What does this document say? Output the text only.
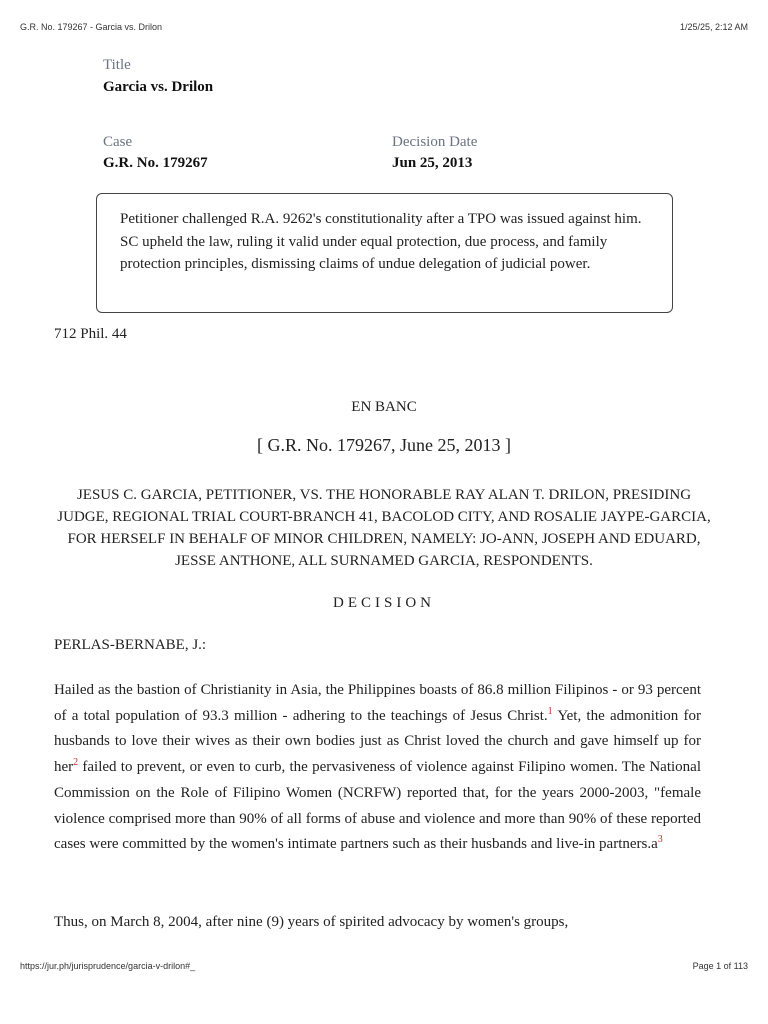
G.R. No. 179267 - Garcia vs. Drilon	1/25/25, 2:12 AM
Title
Garcia vs. Drilon
Case
G.R. No. 179267
Decision Date
Jun 25, 2013
Petitioner challenged R.A. 9262's constitutionality after a TPO was issued against him. SC upheld the law, ruling it valid under equal protection, due process, and family protection principles, dismissing claims of undue delegation of judicial power.
712 Phil. 44
EN BANC
[ G.R. No. 179267, June 25, 2013 ]
JESUS C. GARCIA, PETITIONER, VS. THE HONORABLE RAY ALAN T. DRILON, PRESIDING JUDGE, REGIONAL TRIAL COURT-BRANCH 41, BACOLOD CITY, AND ROSALIE JAYPE-GARCIA, FOR HERSELF IN BEHALF OF MINOR CHILDREN, NAMELY: JO-ANN, JOSEPH AND EDUARD, JESSE ANTHONE, ALL SURNAMED GARCIA, RESPONDENTS.
DECISION
PERLAS-BERNABE, J.:
Hailed as the bastion of Christianity in Asia, the Philippines boasts of 86.8 million Filipinos - or 93 percent of a total population of 93.3 million - adhering to the teachings of Jesus Christ.$^1$ Yet, the admonition for husbands to love their wives as their own bodies just as Christ loved the church and gave himself up for her$^2$ failed to prevent, or even to curb, the pervasiveness of violence against Filipino women. The National Commission on the Role of Filipino Women (NCRFW) reported that, for the years 2000-2003, "female violence comprised more than 90% of all forms of abuse and violence and more than 90% of these reported cases were committed by the women's intimate partners such as their husbands and live-in partners.a$^3$
Thus, on March 8, 2004, after nine (9) years of spirited advocacy by women's groups,
https://jur.ph/jurisprudence/garcia-v-drilon#_	Page 1 of 113
